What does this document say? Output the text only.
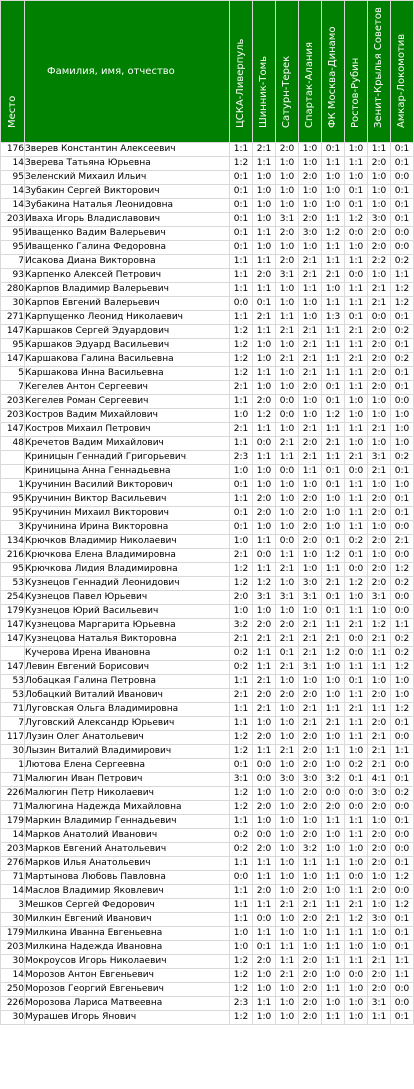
Место	Фамилия, имя, отчество	ЦСКА-Ливерпуль	Шинник-Томь	Сатурн-Терек	Спартак-Алания	ФК Москва-Динамо	Ростов-Рубин	Зенит-Крылья Советов	Амкар-Локомотив

176	Зверев Константин Алексеевич	1:1	2:1	2:0	1:0	0:1	1:0	1:1	0:1
14	Зверева Татьяна Юрьевна	1:2	1:1	1:0	1:0	1:1	1:1	2:0	0:1
95	Зеленский Михаил Ильич	0:1	1:0	1:0	2:0	1:0	1:0	1:0	0:0
14	Зубакин Сергей Викторович	0:1	1:0	1:0	1:0	1:0	0:1	1:0	0:1
14	Зубакина Наталья Леонидовна	0:1	1:0	1:0	1:0	1:0	0:1	1:0	0:1
203	Иваха Игорь Владиславович	0:1	1:0	3:1	2:0	1:1	1:2	3:0	0:1
95	Иващенко Вадим Валерьевич	0:1	1:1	2:0	3:0	1:2	0:0	2:0	0:0
95	Иващенко Галина Федоровна	0:1	1:0	1:0	1:0	1:1	1:0	2:0	0:0
7	Исакова Диана Викторовна	1:1	1:1	2:0	2:1	1:1	1:1	2:2	0:2
93	Карпенко Алексей Петрович	1:1	2:0	3:1	2:1	2:1	0:0	1:0	1:1
280	Карпов Владимир Валерьевич	1:1	1:1	1:0	1:1	1:0	1:1	2:1	1:2
30	Карпов Евгений Валерьевич	0:0	0:1	1:0	1:0	1:1	1:1	2:1	1:2
271	Карпущенко Леонид Николаевич	1:1	2:1	1:1	1:0	1:3	0:1	0:0	0:1
147	Каршаков Сергей Эдуардович	1:2	1:1	2:1	2:1	1:1	2:1	2:0	0:2
95	Каршаков Эдуард Васильевич	1:2	1:0	1:0	2:1	1:1	1:1	2:0	0:1
147	Каршакова Галина Васильевна	1:2	1:0	2:1	2:1	1:1	2:1	2:0	0:2
5	Каршакова Инна Васильевна	1:2	1:1	1:0	2:1	1:1	1:1	2:0	0:1
7	Кегелев Антон Сергеевич	2:1	1:0	1:0	2:0	0:1	1:1	2:0	0:1
203	Кегелев Роман Сергеевич	1:1	2:0	0:0	1:0	0:1	1:0	1:0	0:0
203	Костров Вадим Михайлович	1:0	1:2	0:0	1:0	1:2	1:0	1:0	1:0
147	Костров Михаил Петрович	2:1	1:1	1:0	2:1	1:1	1:1	2:1	1:0
48	Кречетов Вадим Михайлович	1:1	0:0	2:1	2:0	2:1	1:0	1:0	1:0
	Криницын Геннадий Григорьевич	2:3	1:1	1:1	2:1	1:1	2:1	3:1	0:2
	Криницына Анна Геннадьевна	1:0	1:0	0:0	1:1	0:1	0:0	2:1	0:1
1	Кручинин Василий Викторович	0:1	1:0	1:0	1:0	0:1	1:1	1:0	1:0
95	Кручинин Виктор Васильевич	1:1	2:0	1:0	2:0	1:0	1:1	2:0	0:1
95	Кручинин Михаил Викторович	0:1	2:0	1:0	2:0	1:0	1:1	2:0	0:1
3	Кручинина Ирина Викторовна	0:1	1:0	1:0	2:0	1:0	1:1	1:0	0:0
134	Крючков Владимир Николаевич	1:0	1:1	0:0	2:0	0:1	0:2	2:0	2:1
216	Крючкова Елена Владимировна	2:1	0:0	1:1	1:0	1:2	0:1	1:0	0:0
95	Крючкова Лидия Владимировна	1:2	1:1	2:1	1:0	1:1	0:0	2:0	1:2
53	Кузнецов Геннадий Леонидович	1:2	1:2	1:0	3:0	2:1	1:2	2:0	0:2
254	Кузнецов Павел Юрьевич	2:0	3:1	3:1	3:1	0:1	1:0	3:1	0:0
179	Кузнецов Юрий Васильевич	1:0	1:0	1:0	1:0	0:1	1:1	1:0	0:0
147	Кузнецова Маргарита Юрьевна	3:2	2:0	2:0	2:1	1:1	2:1	1:2	1:1
147	Кузнецова Наталья Викторовна	2:1	2:1	2:1	2:1	2:1	0:0	2:1	0:2
	Кучерова Ирена Ивановна	0:2	1:1	0:1	2:1	1:2	0:0	1:1	0:2
147	Левин Евгений Борисович	0:2	1:1	2:1	3:1	1:0	1:1	1:1	1:2
53	Лобацкая Галина Петровна	1:1	2:1	1:0	1:0	1:0	0:1	1:0	1:0
53	Лобацкий Виталий Иванович	2:1	2:0	2:0	2:0	1:0	1:1	2:0	1:0
71	Луговская Ольга Владимировна	1:1	2:1	1:0	2:1	1:1	2:1	1:1	1:2
7	Луговский Александр Юрьевич	1:1	1:0	1:0	2:1	2:1	1:1	2:0	0:1
117	Лузин Олег Анатольевич	1:2	2:0	1:0	2:0	1:0	1:1	2:1	0:0
30	Лызин Виталий Владимирович	1:2	1:1	2:1	2:0	1:1	1:0	2:1	1:1
1	Лютова Елена Сергеевна	0:1	0:0	1:0	2:0	1:0	0:2	2:1	0:0
71	Малюгин Иван Петрович	3:1	0:0	3:0	3:0	3:2	0:1	4:1	0:1
226	Малюгин Петр Николаевич	1:2	1:0	1:0	2:0	0:0	0:0	3:0	0:2
71	Малюгина Надежда Михайловна	1:2	2:0	1:0	2:0	2:0	0:0	2:0	0:0
179	Маркин Владимир Геннадьевич	1:1	1:0	1:0	1:0	1:1	1:1	1:0	0:1
14	Марков Анатолий Иванович	0:2	0:0	1:0	2:0	1:0	1:1	2:0	0:0
203	Марков Евгений Анатольевич	0:2	2:0	1:0	3:2	1:0	1:0	2:0	0:0
276	Марков Илья Анатольевич	1:1	1:1	1:0	1:1	1:1	1:0	2:0	0:1
71	Мартынова Любовь Павловна	0:0	1:1	1:0	1:0	1:1	0:0	1:0	1:2
14	Маслов Владимир Яковлевич	1:1	2:0	1:0	2:0	1:0	1:1	2:0	0:0
3	Мешков Сергей Федорович	1:1	1:1	2:1	2:1	1:1	2:1	1:0	1:2
30	Милкин Евгений Иванович	1:1	0:0	1:0	2:0	2:1	1:2	3:0	0:1
179	Милкина Иванна Евгеньевна	1:0	1:1	1:0	1:0	1:1	1:1	1:0	0:1
203	Милкина Надежда Ивановна	1:0	0:1	1:1	1:0	1:1	1:0	1:0	0:1
30	Мокроусов Игорь Николаевич	1:2	2:0	1:1	2:0	1:1	1:1	2:1	1:1
14	Морозов Антон Евгеньевич	1:2	1:0	2:1	2:0	1:0	0:0	2:0	1:1
250	Морозов Георгий Евгеньевич	1:2	1:0	1:0	2:0	1:1	1:0	2:0	0:0
226	Морозова Лариса Матвеевна	2:3	1:1	1:0	2:0	1:0	1:0	3:1	0:0
30	Мурашев Игорь Янович	1:2	1:0	1:0	2:0	1:1	1:0	1:1	0:1
